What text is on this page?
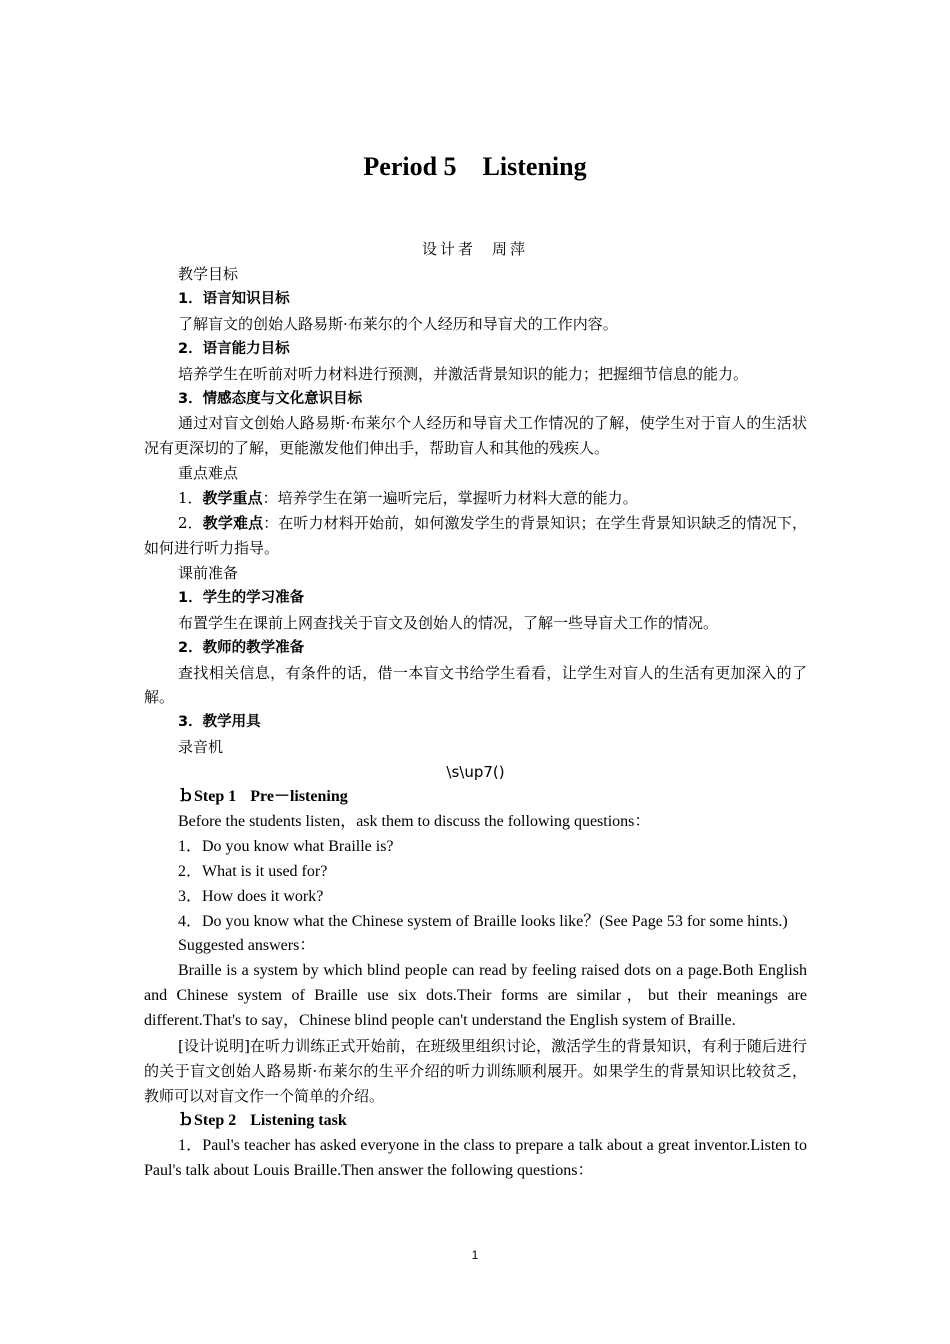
Period 5 Listening
设计者 周萍

教学目标

1．语言知识目标

了解盲文的创始人路易斯·布莱尔的个人经历和导盲犬的工作内容。

2．语言能力目标

培养学生在听前对听力材料进行预测，并激活背景知识的能力；把握细节信息的能力。

3．情感态度与文化意识目标

通过对盲文创始人路易斯·布莱尔个人经历和导盲犬工作情况的了解，使学生对于盲人的生活状况有更深切的了解，更能激发他们伸出手，帮助盲人和其他的残疾人。

重点难点

1．教学重点：培养学生在第一遍听完后，掌握听力材料大意的能力。

2．教学难点：在听力材料开始前，如何激发学生的背景知识；在学生背景知识缺乏的情况下，如何进行听力指导。

课前准备

1．学生的学习准备

布置学生在课前上网查找关于盲文及创始人的情况，了解一些导盲犬工作的情况。

2．教师的教学准备

查找相关信息，有条件的话，借一本盲文书给学生看看，让学生对盲人的生活有更加深入的了解。

3．教学用具

录音机

\s\up7()

ｂStep 1 Pre－listening

Before the students listen，ask them to discuss the following questions：

1．Do you know what Braille is?

2．What is it used for?

3．How does it work?

4．Do you know what the Chinese system of Braille looks like？(See Page 53 for some hints.)

Suggested answers：

Braille is a system by which blind people can read by feeling raised dots on a page.Both English and Chinese system of Braille use six dots.Their forms are similar，but their meanings are different.That's to say，Chinese blind people can't understand the English system of Braille.

[设计说明]在听力训练正式开始前，在班级里组织讨论，激活学生的背景知识，有利于随后进行的关于盲文创始人路易斯·布莱尔的生平介绍的听力训练顺利展开。如果学生的背景知识比较贫乏，教师可以对盲文作一个简单的介绍。

ｂStep 2 Listening task

1．Paul's teacher has asked everyone in the class to prepare a talk about a great inventor.Listen to Paul's talk about Louis Braille.Then answer the following questions：

1
